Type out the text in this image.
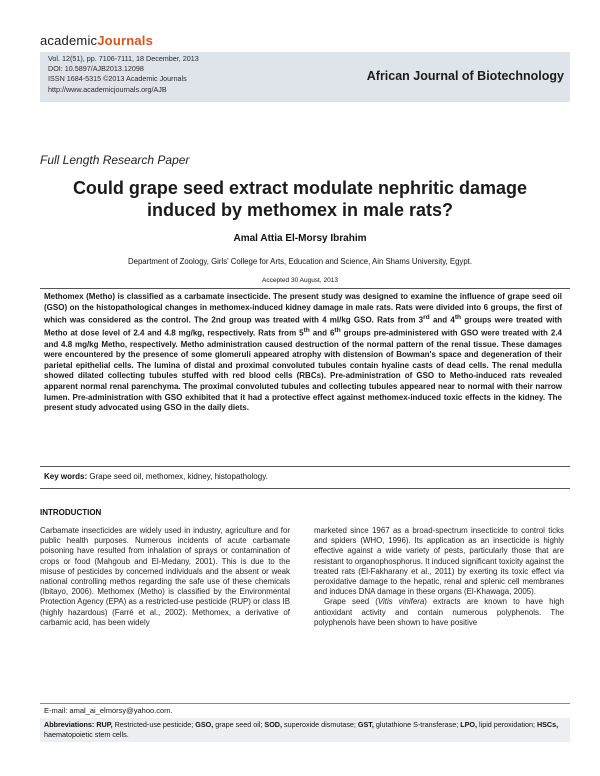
academicJournals
Vol. 12(51), pp. 7106-7111, 18 December, 2013
DOI: 10.5897/AJB2013.12098
ISSN 1684-5315 ©2013 Academic Journals
http://www.academicjournals.org/AJB
African Journal of Biotechnology
Full Length Research Paper
Could grape seed extract modulate nephritic damage
induced by methomex in male rats?
Amal Attia El-Morsy Ibrahim
Department of Zoology, Girls' College for Arts, Education and Science, Ain Shams University, Egypt.
Accepted 30 August, 2013
Methomex (Metho) is classified as a carbamate insecticide. The present study was designed to examine the influence of grape seed oil (GSO) on the histopathological changes in methomex-induced kidney damage in male rats. Rats were divided into 6 groups, the first of which was considered as the control. The 2nd group was treated with 4 ml/kg GSO. Rats from 3rd and 4th groups were treated with Metho at dose level of 2.4 and 4.8 mg/kg, respectively. Rats from 5th and 6th groups pre-administered with GSO were treated with 2.4 and 4.8 mg/kg Metho, respectively. Metho administration caused destruction of the normal pattern of the renal tissue. These damages were encountered by the presence of some glomeruli appeared atrophy with distension of Bowman's space and degeneration of their parietal epithelial cells. The lumina of distal and proximal convoluted tubules contain hyaline casts of dead cells. The renal medulla showed dilated collecting tubules stuffed with red blood cells (RBCs). Pre-administration of GSO to Metho-induced rats revealed apparent normal renal parenchyma. The proximal convoluted tubules and collecting tubules appeared near to normal with their narrow lumen. Pre-administration with GSO exhibited that it had a protective effect against methomex-induced toxic effects in the kidney. The present study advocated using GSO in the daily diets.
Key words: Grape seed oil, methomex, kidney, histopathology.
INTRODUCTION

Carbamate insecticides are widely used in industry, agriculture and for public health purposes. Numerous incidents of acute carbamate poisoning have resulted from inhalation of sprays or contamination of crops or food (Mahgoub and El-Medany, 2001). This is due to the misuse of pesticides by concerned individuals and the absent or weak national controlling methos regarding the safe use of these chemicals (Ibitayo, 2006). Methomex (Metho) is classified by the Environmental Protection Agency (EPA) as a restricted-use pesticide (RUP) or class IB (highly hazardous) (Farré et al., 2002). Methomex, a derivative of carbamic acid, has been widely

marketed since 1967 as a broad-spectrum insecticide to control ticks and spiders (WHO, 1996). Its application as an insecticide is highly effective against a wide variety of pests, particularly those that are resistant to organophosphorus. It induced significant toxicity against the treated rats (El-Fakharany et al., 2011) by exerting its toxic effect via peroxidative damage to the hepatic, renal and splenic cell membranes and induces DNA damage in these organs (El-Khawaga, 2005).

Grape seed (Vitis vinifera) extracts are known to have high antioxidant activity and contain numerous polyphenols. The polyphenols have been shown to have positive

E-mail: amal_ai_elmorsy@yahoo.com.
Abbreviations: RUP, Restricted-use pesticide; GSO, grape seed oil; SOD, superoxide dismutase; GST, glutathione S-transferase; LPO, lipid peroxidation; HSCs, haematopoietic stem cells.
